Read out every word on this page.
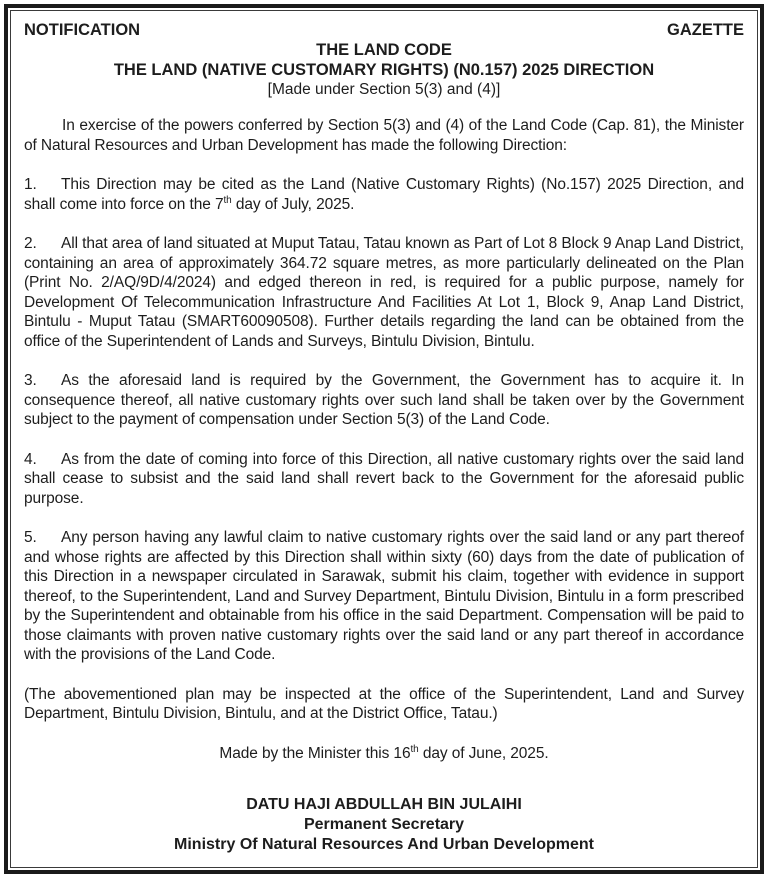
NOTIFICATION	GAZETTE
THE LAND CODE
THE LAND (NATIVE CUSTOMARY RIGHTS) (N0.157) 2025 DIRECTION
[Made under Section 5(3) and (4)]

In exercise of the powers conferred by Section 5(3) and (4) of the Land Code (Cap. 81), the Minister of Natural Resources and Urban Development has made the following Direction:

1. This Direction may be cited as the Land (Native Customary Rights) (No.157) 2025 Direction, and shall come into force on the 7th day of July, 2025.

2. All that area of land situated at Muput Tatau, Tatau known as Part of Lot 8 Block 9 Anap Land District, containing an area of approximately 364.72 square metres, as more particularly delineated on the Plan (Print No. 2/AQ/9D/4/2024) and edged thereon in red, is required for a public purpose, namely for Development Of Telecommunication Infrastructure And Facilities At Lot 1, Block 9, Anap Land District, Bintulu - Muput Tatau (SMART60090508). Further details regarding the land can be obtained from the office of the Superintendent of Lands and Surveys, Bintulu Division, Bintulu.

3. As the aforesaid land is required by the Government, the Government has to acquire it. In consequence thereof, all native customary rights over such land shall be taken over by the Government subject to the payment of compensation under Section 5(3) of the Land Code.

4. As from the date of coming into force of this Direction, all native customary rights over the said land shall cease to subsist and the said land shall revert back to the Government for the aforesaid public purpose.

5. Any person having any lawful claim to native customary rights over the said land or any part thereof and whose rights are affected by this Direction shall within sixty (60) days from the date of publication of this Direction in a newspaper circulated in Sarawak, submit his claim, together with evidence in support thereof, to the Superintendent, Land and Survey Department, Bintulu Division, Bintulu in a form prescribed by the Superintendent and obtainable from his office in the said Department. Compensation will be paid to those claimants with proven native customary rights over the said land or any part thereof in accordance with the provisions of the Land Code.

(The abovementioned plan may be inspected at the office of the Superintendent, Land and Survey Department, Bintulu Division, Bintulu, and at the District Office, Tatau.)

Made by the Minister this 16th day of June, 2025.

DATU HAJI ABDULLAH BIN JULAIHI
Permanent Secretary
Ministry Of Natural Resources And Urban Development
